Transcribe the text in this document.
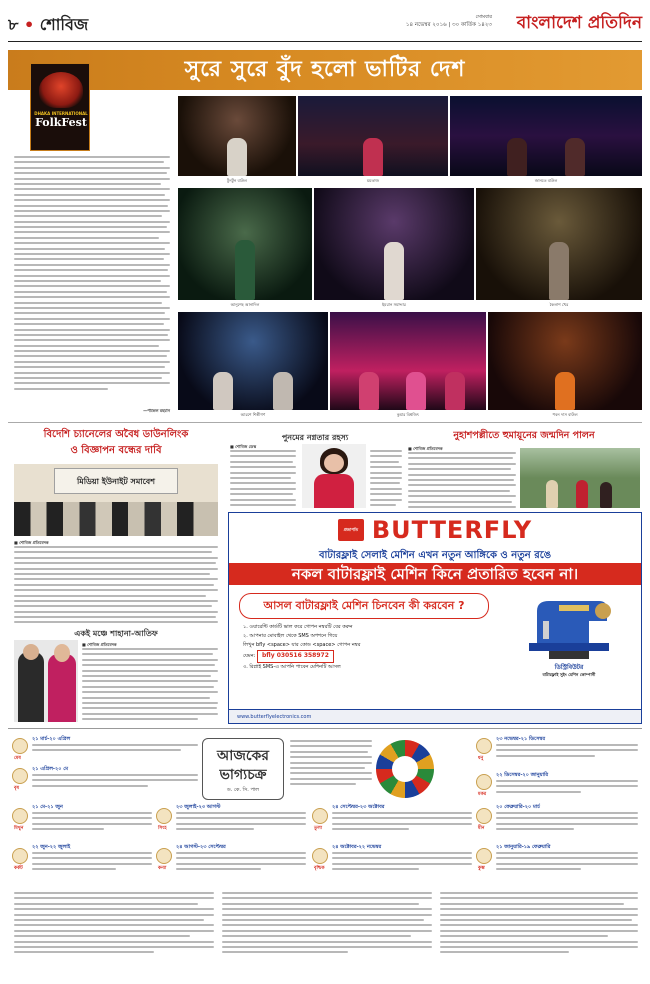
৮ • শোবিজ	সোমবার
১৪ নভেম্বর ২০১৬ | ৩০ কার্তিক ১৪২৩ বাংলাদেশ প্রতিদিন
সুরে সুরে বুঁদ হলো ভাটির দেশ
DHAKA INTERNATIONAL
FolkFest
—পাভেল রহমান
টুনটুন বাউল	মমতাজ	জানতে বাউল
আনুশেহ আনাদিল	ইমরান সমাদ্দার	কৈলাশ খের
আরশে শিল্পীগণ	কুমার বিশ্বজিৎ	পবন দাস বাউল
বিদেশি চ্যানেলের অবৈধ ডাউনলিংক
ও বিজ্ঞাপন বন্ধের দাবি
মিডিয়া ইউনাইট সমাবেশ
■ শোবিজ প্রতিবেদক
পুনমের নগ্নতার রহস্য
■ শোবিজ ডেস্ক
নুহাশপল্লীতে হুমায়ূনের জন্মদিন পালন
■ শোবিজ প্রতিবেদক
একই মঞ্চে শাহানা-আতিফ
■ শোবিজ প্রতিবেদক
প্রজাপতি BUTTERFLY
বাটারফ্লাই সেলাই মেশিন এখন নতুন আঙ্গিকে ও নতুন রঙে
নকল বাটারফ্লাই মেশিন কিনে প্রতারিত হবেন না।
আসল বাটারফ্লাই মেশিন চিনবেন কী করবেন ?
১. ওয়ারেন্টি কার্ডটি ভাল করে গোপন নম্বরটি বের করুন
২. আপনার মোবাইল থেকে SMS অপশনে গিয়ে
লিখুন bfly <space> যার কোড <space> গোপন নম্বর
যেমন: bfly 030516 358972
৩. রিপ্লাই SMS-এ আপনি পাবেন মেশিনটি আসল	ডিস্ট্রিবিউটর
বাটারফ্লাই সুইং মেশিন কোম্পানী
www.butterflyelectronics.com
আজকের
ভাগ্যচক্র
ড. কে. সি. পাল
২১ মার্চ-২০ এপ্রিল
মেষ
২১ এপ্রিল-২০ মে
বৃষ
২১ মে-২১ জুন
মিথুন
২২ জুন-২২ জুলাই
কর্কট
২৩ জুলাই-২৩ আগস্ট
সিংহ
২৪ আগস্ট-২৩ সেপ্টেম্বর
কন্যা
২৪ সেপ্টেম্বর-২৩ অক্টোবর
তুলা
২৪ অক্টোবর-২২ নভেম্বর
বৃশ্চিক
২৩ নভেম্বর-২১ ডিসেম্বর
ধনু
২২ ডিসেম্বর-২০ জানুয়ারি
মকর
২১ জানুয়ারি-১৯ ফেব্রুয়ারি
কুম্ভ
২০ ফেব্রুয়ারি-২০ মার্চ
মীন
